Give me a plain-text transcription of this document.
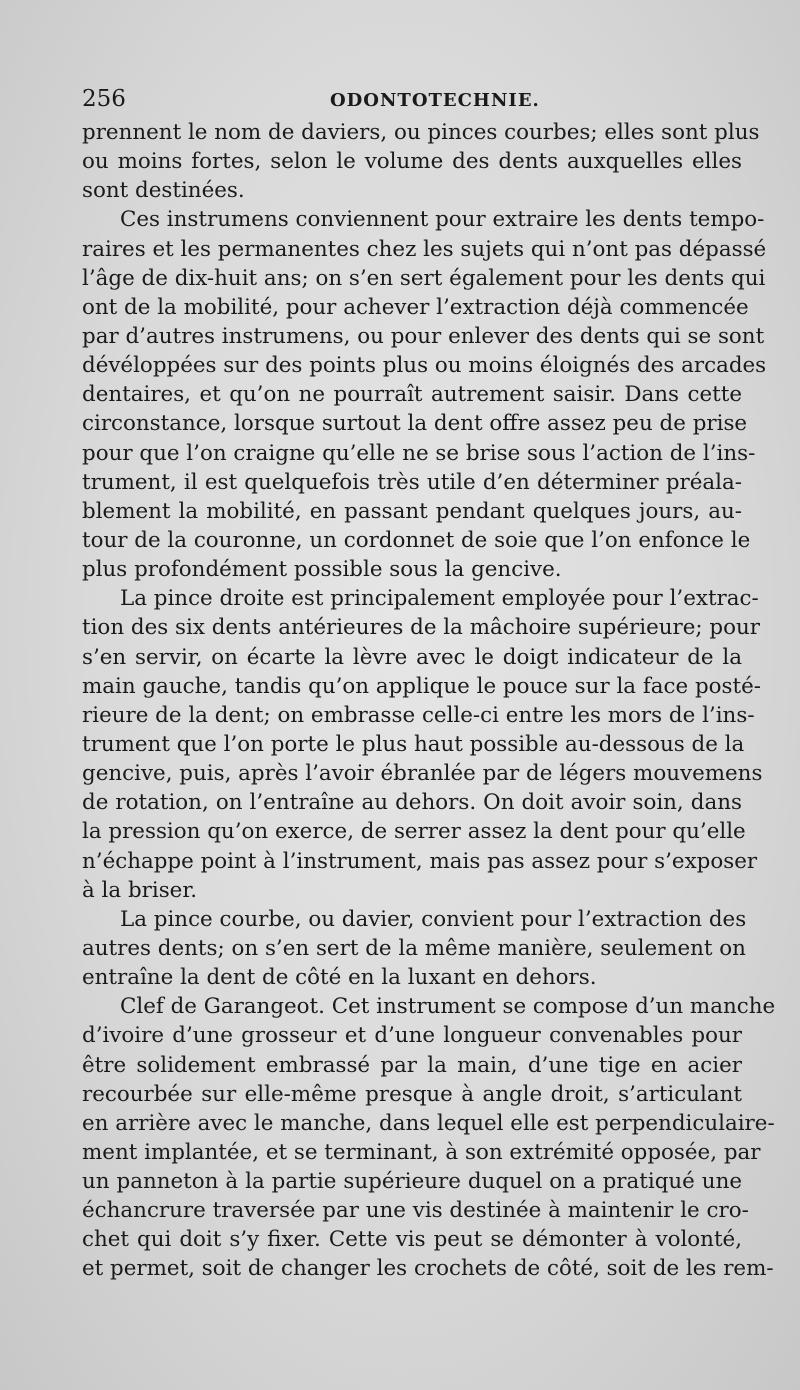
256	ODONTOTECHNIE.
prennent le nom de daviers, ou pinces courbes; elles sont plus
ou moins fortes, selon le volume des dents auxquelles elles
sont destinées.
Ces instrumens conviennent pour extraire les dents tempo-
raires et les permanentes chez les sujets qui n’ont pas dépassé
l’âge de dix-huit ans; on s’en sert également pour les dents qui
ont de la mobilité, pour achever l’extraction déjà commencée
par d’autres instrumens, ou pour enlever des dents qui se sont
dévéloppées sur des points plus ou moins éloignés des arcades
dentaires, et qu’on ne pourraît autrement saisir. Dans cette
circonstance, lorsque surtout la dent offre assez peu de prise
pour que l’on craigne qu’elle ne se brise sous l’action de l’ins-
trument, il est quelquefois très utile d’en déterminer préala-
blement la mobilité, en passant pendant quelques jours, au-
tour de la couronne, un cordonnet de soie que l’on enfonce le
plus profondément possible sous la gencive.
La pince droite est principalement employée pour l’extrac-
tion des six dents antérieures de la mâchoire supérieure; pour
s’en servir, on écarte la lèvre avec le doigt indicateur de la
main gauche, tandis qu’on applique le pouce sur la face posté-
rieure de la dent; on embrasse celle-ci entre les mors de l’ins-
trument que l’on porte le plus haut possible au-dessous de la
gencive, puis, après l’avoir ébranlée par de légers mouvemens
de rotation, on l’entraîne au dehors. On doit avoir soin, dans
la pression qu’on exerce, de serrer assez la dent pour qu’elle
n’échappe point à l’instrument, mais pas assez pour s’exposer
à la briser.
La pince courbe, ou davier, convient pour l’extraction des
autres dents; on s’en sert de la même manière, seulement on
entraîne la dent de côté en la luxant en dehors.
Clef de Garangeot. Cet instrument se compose d’un manche
d’ivoire d’une grosseur et d’une longueur convenables pour
être solidement embrassé par la main, d’une tige en acier
recourbée sur elle-même presque à angle droit, s’articulant
en arrière avec le manche, dans lequel elle est perpendiculaire-
ment implantée, et se terminant, à son extrémité opposée, par
un panneton à la partie supérieure duquel on a pratiqué une
échancrure traversée par une vis destinée à maintenir le cro-
chet qui doit s’y fixer. Cette vis peut se démonter à volonté,
et permet, soit de changer les crochets de côté, soit de les rem-
